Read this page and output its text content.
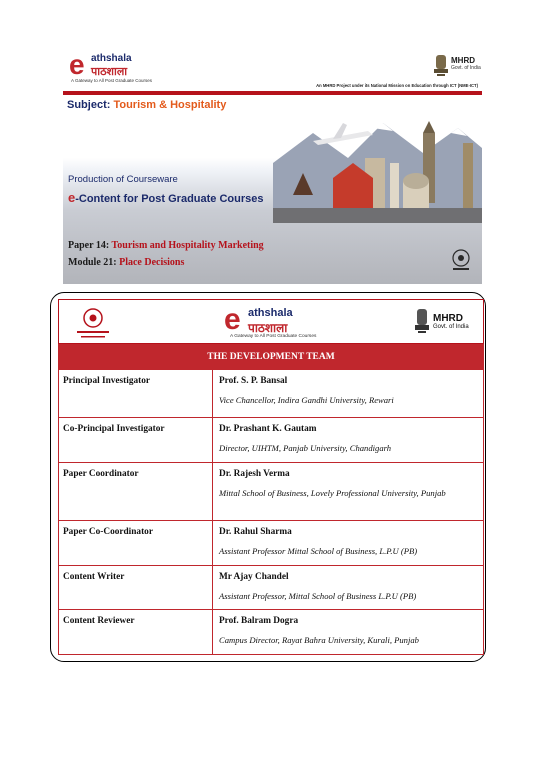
e athshala
पाठशाला
A Gateway to All Post Graduate Courses
MHRD
Govt. of India
An MHRD Project under its National Mission on Education through ICT (NME-ICT)
Subject: Tourism & Hospitality
Production of Courseware
e-Content for Post Graduate Courses
Paper 14: Tourism and Hospitality Marketing
Module 21: Place Decisions
e athshala
पाठशाला
A Gateway to All Post Graduate Courses
MHRD
Govt. of India
THE DEVELOPMENT TEAM
Principal Investigator	Prof. S. P. Bansal
Vice Chancellor, Indira Gandhi University, Rewari
Co-Principal Investigator	Dr. Prashant K. Gautam
Director, UIHTM, Panjab University, Chandigarh
Paper Coordinator	Dr. Rajesh Verma
Mittal School of Business, Lovely Professional University, Punjab
Paper Co-Coordinator	Dr. Rahul Sharma
Assistant Professor Mittal School of Business, L.P.U (PB)
Content Writer	Mr Ajay Chandel
Assistant Professor, Mittal School of Business L.P.U (PB)
Content Reviewer	Prof. Balram Dogra
Campus Director, Rayat Bahra University, Kurali, Punjab
